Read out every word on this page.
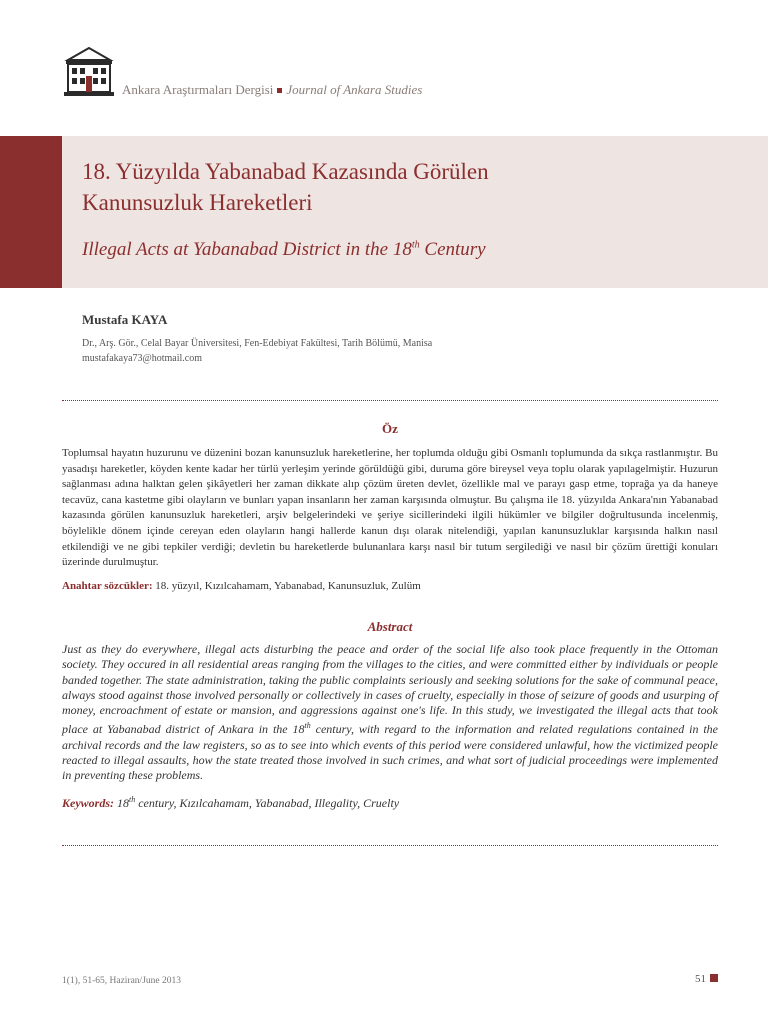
Ankara Araştırmaları Dergisi Journal of Ankara Studies
18. Yüzyılda Yabanabad Kazasında Görülen
Kanunsuzluk Hareketleri
Illegal Acts at Yabanabad District in the 18th Century
Mustafa KAYA
Dr., Arş. Gör., Celal Bayar Üniversitesi, Fen-Edebiyat Fakültesi, Tarih Bölümü, Manisa
mustafakaya73@hotmail.com
Öz

Toplumsal hayatın huzurunu ve düzenini bozan kanunsuzluk hareketlerine, her toplumda olduğu gibi Osmanlı toplumunda da sıkça rastlanmıştır. Bu yasadışı hareketler, köyden kente kadar her türlü yerleşim yerinde görüldüğü gibi, duruma göre bireysel veya toplu olarak yapılagelmiştir. Huzurun sağlanması adına halktan gelen şikâyetleri her zaman dikkate alıp çözüm üreten devlet, özellikle mal ve parayı gasp etme, toprağa ya da haneye tecavüz, cana kastetme gibi olayların ve bunları yapan insanların her zaman karşısında olmuştur. Bu çalışma ile 18. yüzyılda Ankara'nın Yabanabad kazasında görülen kanunsuzluk hareketleri, arşiv belgelerindeki ve şeriye sicillerindeki ilgili hükümler ve bilgiler doğrultusunda incelenmiş, böylelikle dönem içinde cereyan eden olayların hangi hallerde kanun dışı olarak nitelendiği, yapılan kanunsuzluklar karşısında halkın nasıl etkilendiği ve ne gibi tepkiler verdiği; devletin bu hareketlerde bulunanlara karşı nasıl bir tutum sergilediği ve nasıl bir çözüm ürettiği konuları üzerinde durulmuştur.

Anahtar sözcükler: 18. yüzyıl, Kızılcahamam, Yabanabad, Kanunsuzluk, Zulüm
Abstract

Just as they do everywhere, illegal acts disturbing the peace and order of the social life also took place frequently in the Ottoman society. They occured in all residential areas ranging from the villages to the cities, and were committed either by individuals or people banded together. The state administration, taking the public complaints seriously and seeking solutions for the sake of communal peace, always stood against those involved personally or collectively in cases of cruelty, especially in those of seizure of goods and usurping of money, encroachment of estate or mansion, and aggressions against one's life. In this study, we investigated the illegal acts that took place at Yabanabad district of Ankara in the 18th century, with regard to the information and related regulations contained in the archival records and the law registers, so as to see into which events of this period were considered unlawful, how the victimized people reacted to illegal assaults, how the state treated those involved in such crimes, and what sort of judicial proceedings were implemented in preventing these problems.

Keywords: 18th century, Kızılcahamam, Yabanabad, Illegality, Cruelty
1(1), 51-65, Haziran/June 2013	51
